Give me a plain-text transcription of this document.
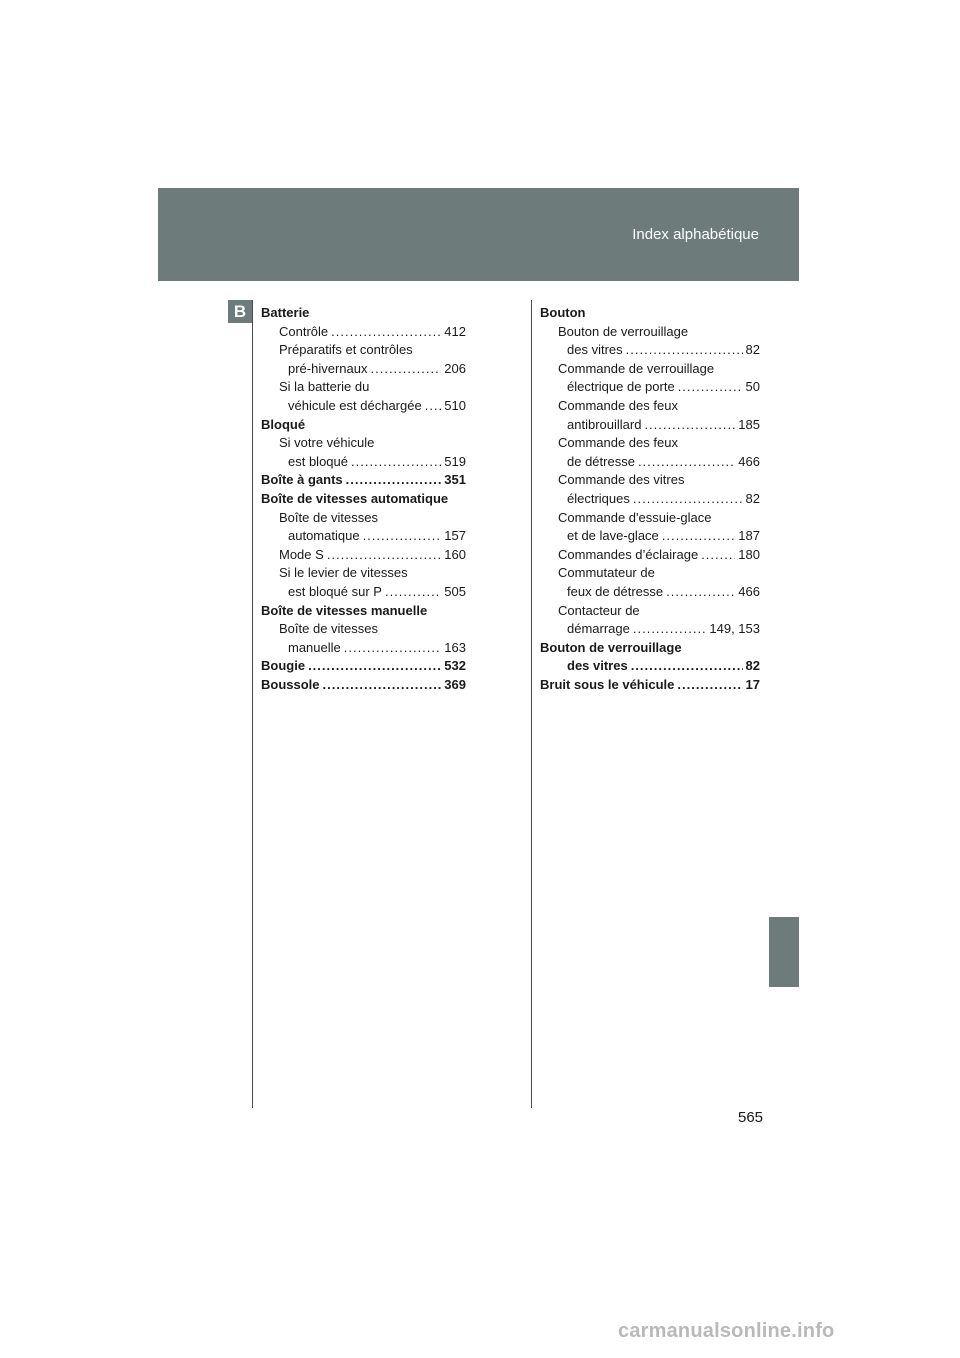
Index alphabétique
B	Batterie
Contrôle .....	412
Préparatifs et contrôles
pré-hivernaux .....	206
Si la batterie du
véhicule est déchargée ..... 510
Bloqué
Si votre véhicule
est bloqué .....	519
Boîte à gants .....	351
Boîte de vitesses automatique
Boîte de vitesses
automatique .....	157
Mode S .....	160
Si le levier de vitesses
est bloqué sur P .....	505
Boîte de vitesses manuelle
Boîte de vitesses
manuelle .....	163
Bougie .....	532
Boussole .....	369
Bouton
Bouton de verrouillage
des vitres .....	82
Commande de verrouillage
électrique de porte .....	50
Commande des feux
antibrouillard .....	185
Commande des feux
de détresse .....	466
Commande des vitres
électriques .....	82
Commande d'essuie-glace
et de lave-glace .....	187
Commandes d’éclairage .....	180
Commutateur de
feux de détresse .....	466
Contacteur de
démarrage .....	149, 153
Bouton de verrouillage
des vitres .....	82
Bruit sous le véhicule .....	17
565
carmanualsonline.info
